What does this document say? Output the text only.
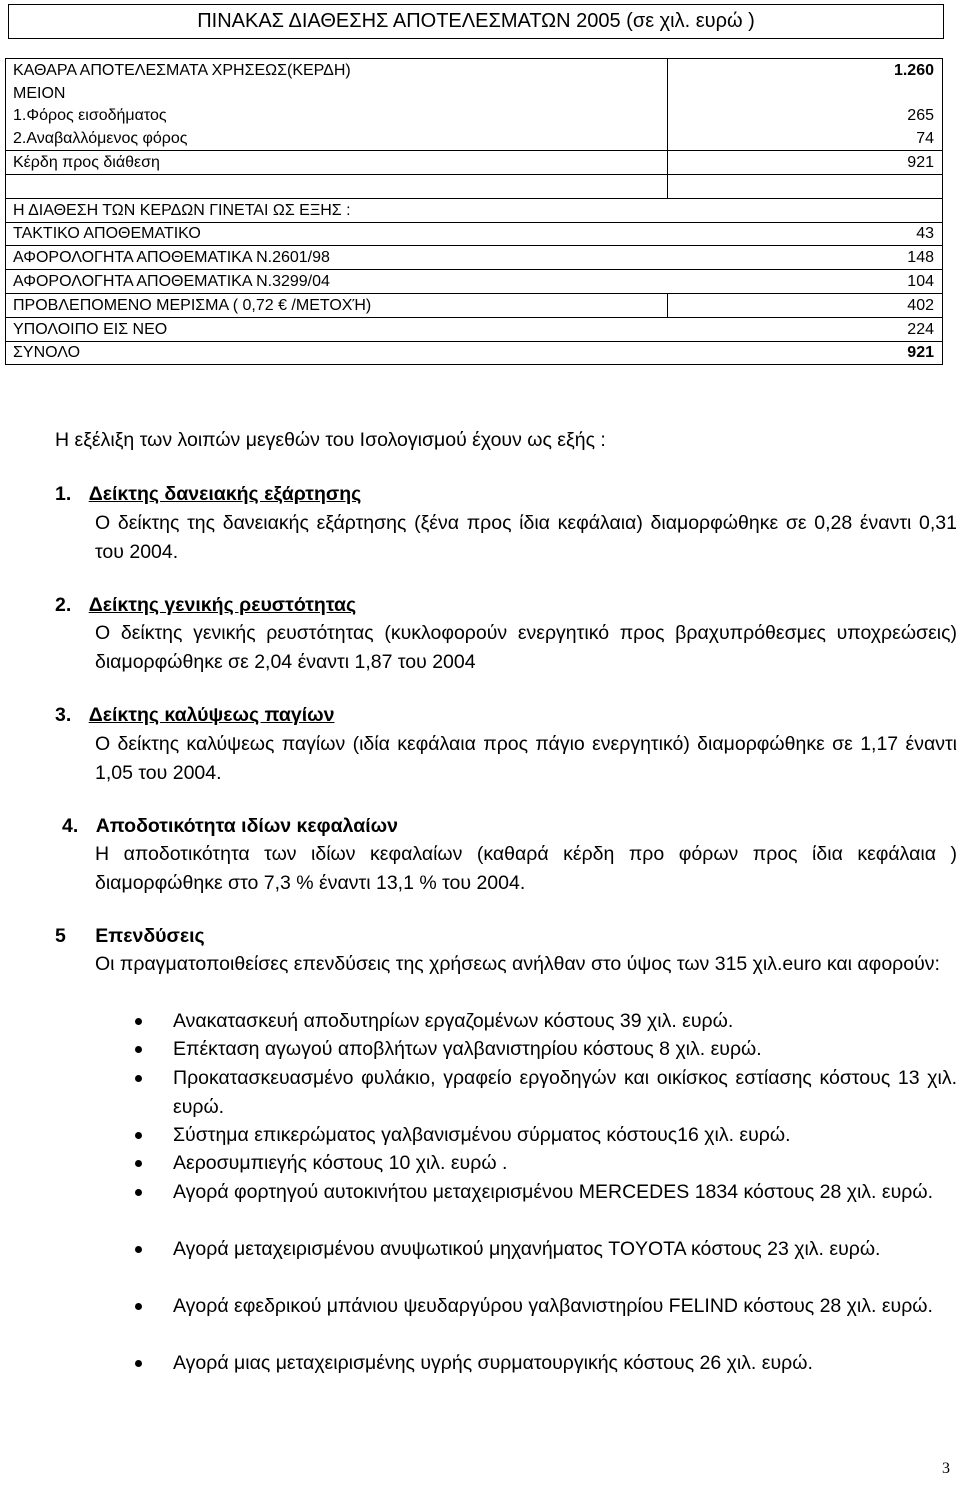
ΠΙΝΑΚΑΣ ΔΙΑΘΕΣΗΣ ΑΠΟΤΕΛΕΣΜΑΤΩΝ 2005 (σε χιλ. ευρώ )
ΚΑΘΑΡΑ ΑΠΟΤΕΛΕΣΜΑΤΑ ΧΡΗΣΕΩΣ(ΚΕΡΔΗ)	1.260
ΜΕΙΟΝ	
1.Φόρος εισοδήματος	265
2.Αναβαλλόμενος φόρος	74
Κέρδη προς διάθεση	921

Η ΔΙΑΘΕΣΗ ΤΩΝ ΚΕΡΔΩΝ ΓΙΝΕΤΑΙ ΩΣ ΕΞΗΣ :	
ΤΑΚΤΙΚΟ ΑΠΟΘΕΜΑΤΙΚΟ	43
ΑΦΟΡΟΛΟΓΗΤΑ ΑΠΟΘΕΜΑΤΙΚΑ Ν.2601/98	148
ΑΦΟΡΟΛΟΓΗΤΑ ΑΠΟΘΕΜΑΤΙΚΑ Ν.3299/04	104
ΠΡΟΒΛΕΠΟΜΕΝΟ ΜΕΡΙΣΜΑ ( 0,72 € /ΜΕΤΟΧΉ)	402
ΥΠΟΛΟΙΠΟ ΕΙΣ ΝΕΟ	224
ΣΥΝΟΛΟ	921
Η εξέλιξη των λοιπών μεγεθών του Ισολογισμού έχουν ως εξής :
1. Δείκτης δανειακής εξάρτησης
Ο δείκτης της δανειακής εξάρτησης (ξένα προς ίδια κεφάλαια) διαμορφώθηκε σε 0,28 έναντι 0,31 του 2004.
2. Δείκτης γενικής ρευστότητας
Ο δείκτης γενικής ρευστότητας (κυκλοφορούν ενεργητικό προς βραχυπρόθεσμες υποχρεώσεις) διαμορφώθηκε σε 2,04 έναντι 1,87 του 2004
3. Δείκτης καλύψεως παγίων
Ο δείκτης καλύψεως παγίων (ιδία κεφάλαια προς πάγιο ενεργητικό) διαμορφώθηκε σε 1,17 έναντι 1,05 του 2004.
4. Αποδοτικότητα ιδίων κεφαλαίων
Η αποδοτικότητα των ιδίων κεφαλαίων (καθαρά κέρδη προ φόρων προς ίδια κεφάλαια ) διαμορφώθηκε στο 7,3 % έναντι 13,1 % του 2004.
5 Επενδύσεις
Οι πραγματοποιθείσες επενδύσεις της χρήσεως ανήλθαν στο ύψος των 315 χιλ.euro και αφορούν:
Ανακατασκευή αποδυτηρίων εργαζομένων κόστους 39 χιλ. ευρώ.
Επέκταση αγωγού αποβλήτων γαλβανιστηρίου κόστους 8 χιλ. ευρώ.
Προκατασκευασμένο φυλάκιο, γραφείο εργοδηγών και οικίσκος εστίασης κόστους 13 χιλ. ευρώ.
Σύστημα επικερώματος γαλβανισμένου σύρματος κόστους16 χιλ. ευρώ.
Αεροσυμπιεγής κόστους 10 χιλ. ευρώ .
Αγορά φορτηγού αυτοκινήτου μεταχειρισμένου MERCEDES 1834 κόστους 28 χιλ. ευρώ.
Αγορά μεταχειρισμένου ανυψωτικού μηχανήματος TOYOTA κόστους 23 χιλ. ευρώ.
Αγορά εφεδρικού μπάνιου ψευδαργύρου γαλβανιστηρίου FELIND κόστους 28 χιλ. ευρώ.
Αγορά μιας μεταχειρισμένης υγρής συρματουργικής κόστους 26 χιλ. ευρώ.
3
